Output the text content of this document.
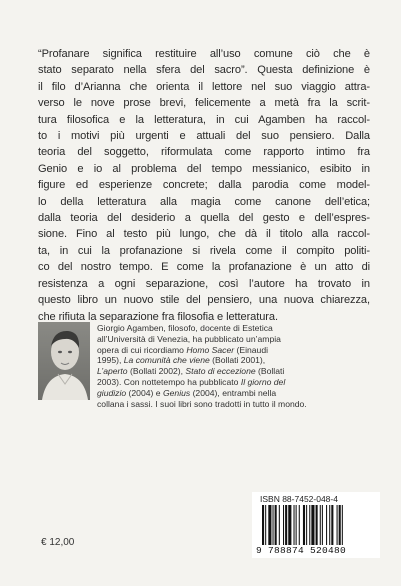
“Profanare significa restituire all’uso comune ciò che è
stato separato nella sfera del sacro”. Questa definizione è
il filo d’Arianna che orienta il lettore nel suo viaggio attra-
verso le nove prose brevi, felicemente a metà fra la scrit-
tura filosofica e la letteratura, in cui Agamben ha raccol-
to i motivi più urgenti e attuali del suo pensiero. Dalla
teoria del soggetto, riformulata come rapporto intimo fra
Genio e io al problema del tempo messianico, esibito in
figure ed esperienze concrete; dalla parodia come model-
lo della letteratura alla magia come canone dell’etica;
dalla teoria del desiderio a quella del gesto e dell’espres-
sione. Fino al testo più lungo, che dà il titolo alla raccol-
ta, in cui la profanazione si rivela come il compito politi-
co del nostro tempo. E come la profanazione è un atto di
resistenza a ogni separazione, così l’autore ha trovato in
questo libro un nuovo stile del pensiero, una nuova chiarezza,
che rifiuta la separazione fra filosofia e letteratura.
Giorgio Agamben, filosofo, docente di Estetica
all’Università di Venezia, ha pubblicato un’ampia
opera di cui ricordiamo Homo Sacer (Einaudi
1995), La comunità che viene (Bollati 2001),
L’aperto (Bollati 2002), Stato di eccezione (Bollati
2003). Con nottetempo ha pubblicato Il giorno del
giudizio (2004) e Genius (2004), entrambi nella
collana i sassi. I suoi libri sono tradotti in tutto il mondo.
ISBN 88-7452-048-4
9 788874 520480
€ 12,00
